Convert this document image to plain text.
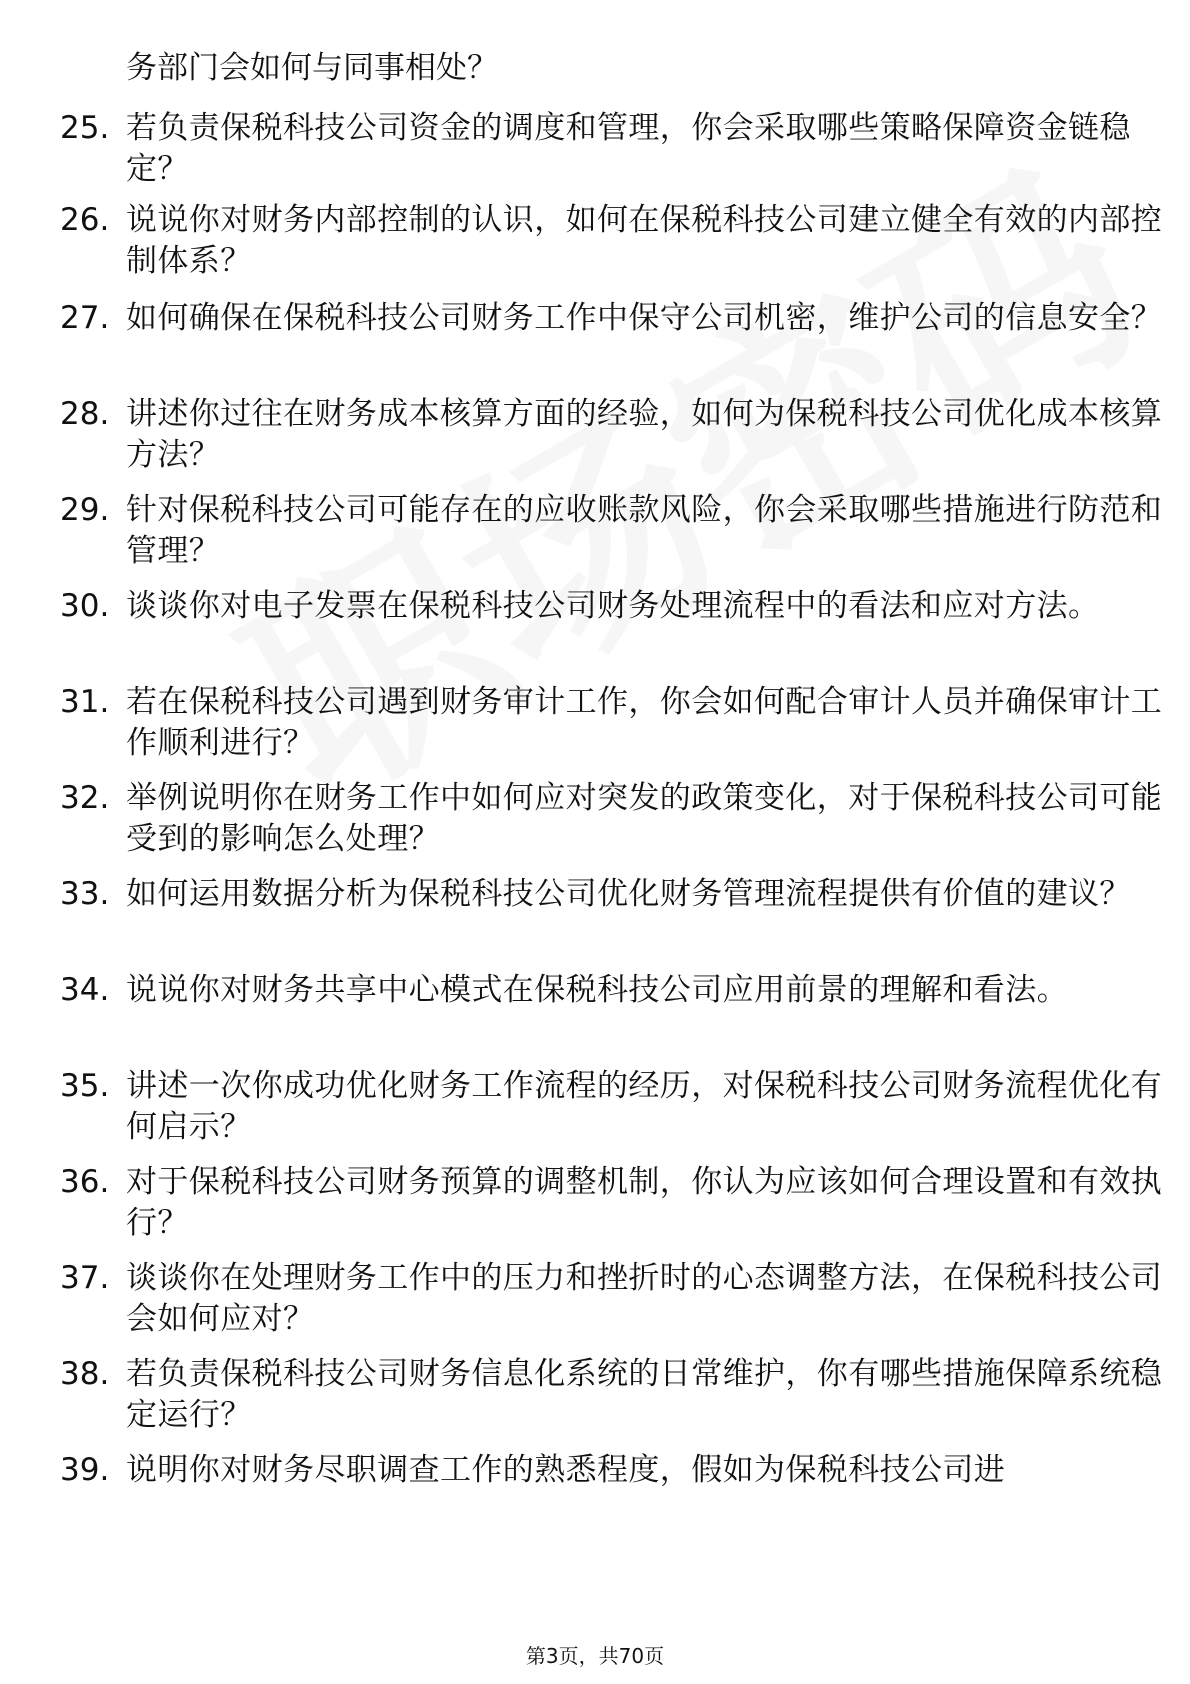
务部门会如何与同事相处？
25. 若负责保税科技公司资金的调度和管理，你会采取哪些策略保障资金链稳定？
26. 说说你对财务内部控制的认识，如何在保税科技公司建立健全有效的内部控制体系？
27. 如何确保在保税科技公司财务工作中保守公司机密，维护公司的信息安全？
28. 讲述你过往在财务成本核算方面的经验，如何为保税科技公司优化成本核算方法？
29. 针对保税科技公司可能存在的应收账款风险，你会采取哪些措施进行防范和管理？
30. 谈谈你对电子发票在保税科技公司财务处理流程中的看法和应对方法。
31. 若在保税科技公司遇到财务审计工作，你会如何配合审计人员并确保审计工作顺利进行？
32. 举例说明你在财务工作中如何应对突发的政策变化，对于保税科技公司可能受到的影响怎么处理？
33. 如何运用数据分析为保税科技公司优化财务管理流程提供有价值的建议？
34. 说说你对财务共享中心模式在保税科技公司应用前景的理解和看法。
35. 讲述一次你成功优化财务工作流程的经历，对保税科技公司财务流程优化有何启示？
36. 对于保税科技公司财务预算的调整机制，你认为应该如何合理设置和有效执行？
37. 谈谈你在处理财务工作中的压力和挫折时的心态调整方法，在保税科技公司会如何应对？
38. 若负责保税科技公司财务信息化系统的日常维护，你有哪些措施保障系统稳定运行？
39. 说明你对财务尽职调查工作的熟悉程度，假如为保税科技公司进
第3页，共70页
